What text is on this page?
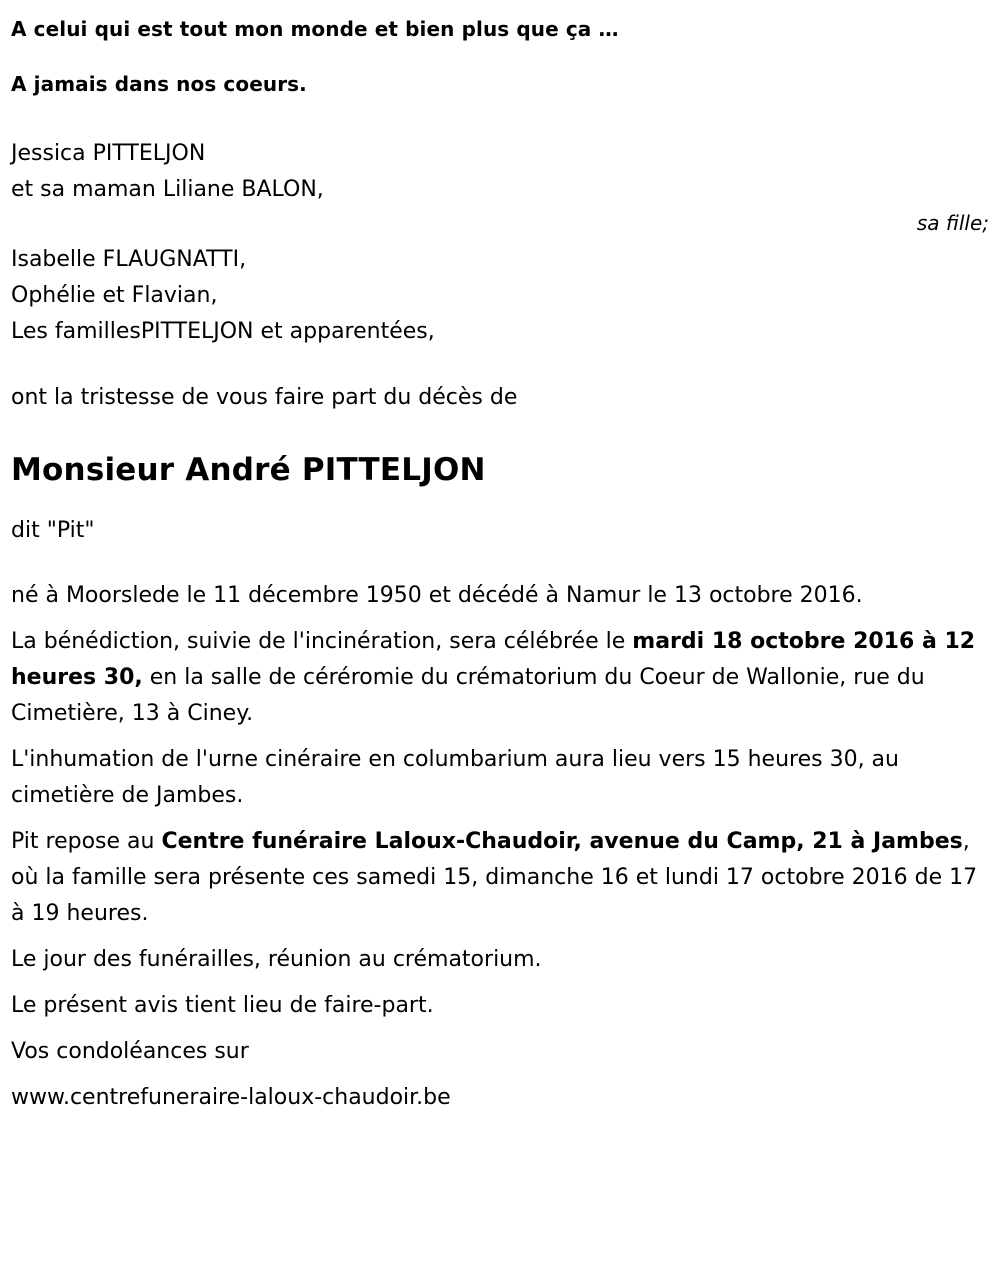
A celui qui est tout mon monde et bien plus que ça …

A jamais dans nos coeurs.

Jessica PITTELJON
et sa maman Liliane BALON,
sa fille;
Isabelle FLAUGNATTI,
Ophélie et Flavian,
Les famillesPITTELJON et apparentées,

ont la tristesse de vous faire part du décès de

Monsieur André PITTELJON

dit "Pit"

né à Moorslede le 11 décembre 1950 et décédé à Namur le 13 octobre 2016.

La bénédiction, suivie de l'incinération, sera célébrée le mardi 18 octobre 2016 à 12 heures 30, en la salle de céréromie du crématorium du Coeur de Wallonie, rue du Cimetière, 13 à Ciney.

L'inhumation de l'urne cinéraire en columbarium aura lieu vers 15 heures 30, au cimetière de Jambes.

Pit repose au Centre funéraire Laloux-Chaudoir, avenue du Camp, 21 à Jambes, où la famille sera présente ces samedi 15, dimanche 16 et lundi 17 octobre 2016 de 17 à 19 heures.

Le jour des funérailles, réunion au crématorium.

Le présent avis tient lieu de faire-part.

Vos condoléances sur

www.centrefuneraire-laloux-chaudoir.be
